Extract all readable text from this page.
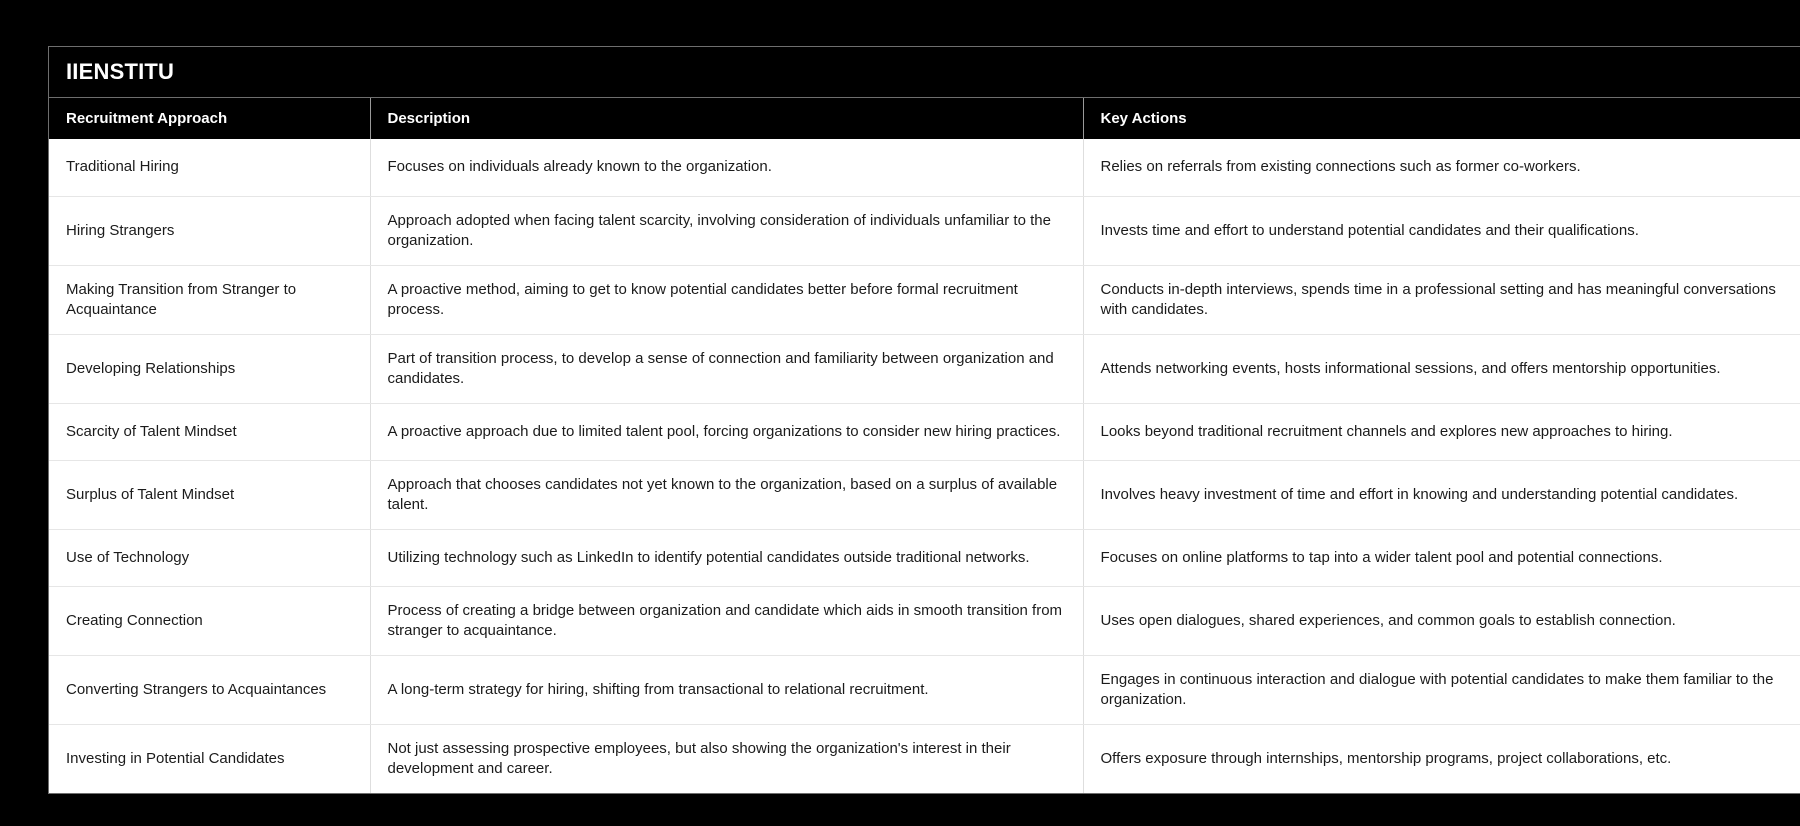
IIENSTITU
Recruitment Approach	Description	Key Actions
Traditional Hiring	Focuses on individuals already known to the organization.	Relies on referrals from existing connections such as former co-workers.
Hiring Strangers	Approach adopted when facing talent scarcity, involving consideration of individuals unfamiliar to the organization.	Invests time and effort to understand potential candidates and their qualifications.
Making Transition from Stranger to Acquaintance	A proactive method, aiming to get to know potential candidates better before formal recruitment process.	Conducts in-depth interviews, spends time in a professional setting and has meaningful conversations with candidates.
Developing Relationships	Part of transition process, to develop a sense of connection and familiarity between organization and candidates.	Attends networking events, hosts informational sessions, and offers mentorship opportunities.
Scarcity of Talent Mindset	A proactive approach due to limited talent pool, forcing organizations to consider new hiring practices.	Looks beyond traditional recruitment channels and explores new approaches to hiring.
Surplus of Talent Mindset	Approach that chooses candidates not yet known to the organization, based on a surplus of available talent.	Involves heavy investment of time and effort in knowing and understanding potential candidates.
Use of Technology	Utilizing technology such as LinkedIn to identify potential candidates outside traditional networks.	Focuses on online platforms to tap into a wider talent pool and potential connections.
Creating Connection	Process of creating a bridge between organization and candidate which aids in smooth transition from stranger to acquaintance.	Uses open dialogues, shared experiences, and common goals to establish connection.
Converting Strangers to Acquaintances	A long-term strategy for hiring, shifting from transactional to relational recruitment.	Engages in continuous interaction and dialogue with potential candidates to make them familiar to the organization.
Investing in Potential Candidates	Not just assessing prospective employees, but also showing the organization's interest in their development and career.	Offers exposure through internships, mentorship programs, project collaborations, etc.
